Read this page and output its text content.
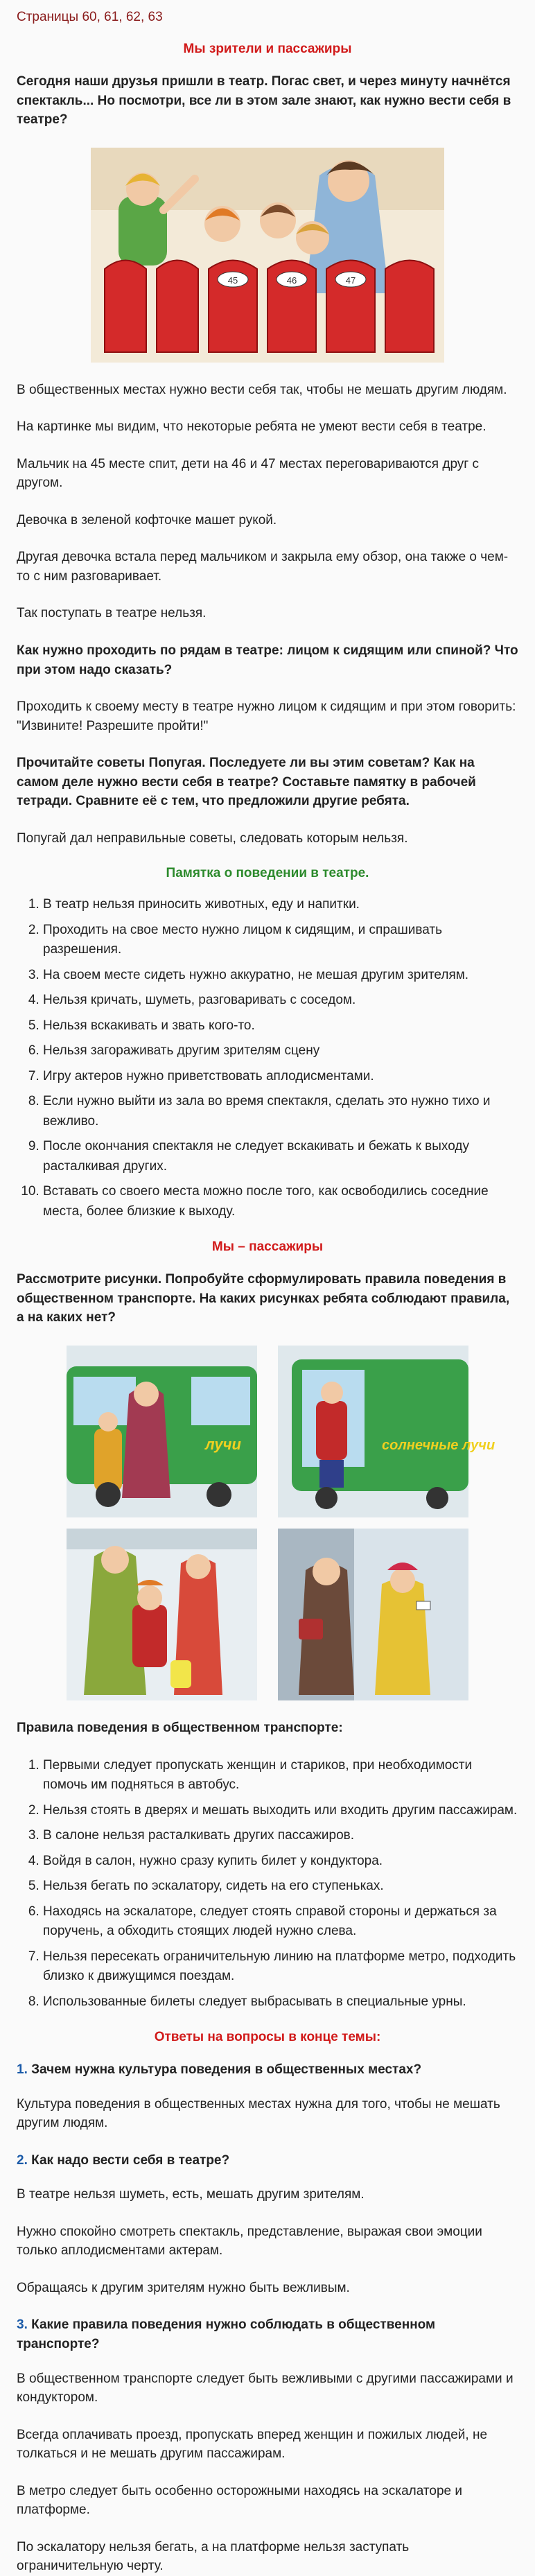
Страницы 60, 61, 62, 63
Мы зрители и пассажиры

Сегодня наши друзья пришли в театр. Погас свет, и через минуту начнётся спектакль... Но посмотри, все ли в этом зале знают, как нужно вести себя в театре?

45	46	47

В общественных местах нужно вести себя так, чтобы не мешать другим людям.

На картинке мы видим, что некоторые ребята не умеют вести себя в театре.

Мальчик на 45 месте спит, дети на 46 и 47 местах переговариваются друг с другом.

Девочка в зеленой кофточке машет рукой.

Другая девочка встала перед мальчиком и закрыла ему обзор, она также о чем-то с ним разговаривает.

Так поступать в театре нельзя.

Как нужно проходить по рядам в театре: лицом к сидящим или спиной? Что при этом надо сказать?

Проходить к своему месту в театре нужно лицом к сидящим и при этом говорить: "Извините! Разрешите пройти!"

Прочитайте советы Попугая. Последуете ли вы этим советам? Как на самом деле нужно вести себя в театре? Составьте памятку в рабочей тетради. Сравните её с тем, что предложили другие ребята.

Попугай дал неправильные советы, следовать которым нельзя.

Памятка о поведении в театре.
1. В театр нельзя приносить животных, еду и напитки.
2. Проходить на свое место нужно лицом к сидящим, и спрашивать разрешения.
3. На своем месте сидеть нужно аккуратно, не мешая другим зрителям.
4. Нельзя кричать, шуметь, разговаривать с соседом.
5. Нельзя вскакивать и звать кого-то.
6. Нельзя загораживать другим зрителям сцену
7. Игру актеров нужно приветствовать аплодисментами.
8. Если нужно выйти из зала во время спектакля, сделать это нужно тихо и вежливо.
9. После окончания спектакля не следует вскакивать и бежать к выходу расталкивая других.
10. Вставать со своего места можно после того, как освободились соседние места, более близкие к выходу.
Мы – пассажиры

Рассмотрите рисунки. Попробуйте сформулировать правила поведения в общественном транспорте. На каких рисунках ребята соблюдают правила, а на каких нет?

лучи	солнечные лучи

Правила поведения в общественном транспорте:

1. Первыми следует пропускать женщин и стариков, при необходимости помочь им подняться в автобус.
2. Нельзя стоять в дверях и мешать выходить или входить другим пассажирам.
3. В салоне нельзя расталкивать других пассажиров.
4. Войдя в салон, нужно сразу купить билет у кондуктора.
5. Нельзя бегать по эскалатору, сидеть на его ступеньках.
6. Находясь на эскалаторе, следует стоять справой стороны и держаться за поручень, а обходить стоящих людей нужно слева.
7. Нельзя пересекать ограничительную линию на платформе метро, подходить близко к движущимся поездам.
8. Использованные билеты следует выбрасывать в специальные урны.
Ответы на вопросы в конце темы:
1. Зачем нужна культура поведения в общественных местах?

Культура поведения в общественных местах нужна для того, чтобы не мешать другим людям.

2. Как надо вести себя в театре?

В театре нельзя шуметь, есть, мешать другим зрителям.

Нужно спокойно смотреть спектакль, представление, выражая свои эмоции только аплодисментами актерам.

Обращаясь к другим зрителям нужно быть вежливым.

3. Какие правила поведения нужно соблюдать в общественном транспорте?

В общественном транспорте следует быть вежливыми с другими пассажирами и кондуктором.

Всегда оплачивать проезд, пропускать вперед женщин и пожилых людей, не толкаться и не мешать другим пассажирам.

В метро следует быть особенно осторожными находясь на эскалаторе и платформе.

По эскалатору нельзя бегать, а на платформе нельзя заступать ограничительную черту.
